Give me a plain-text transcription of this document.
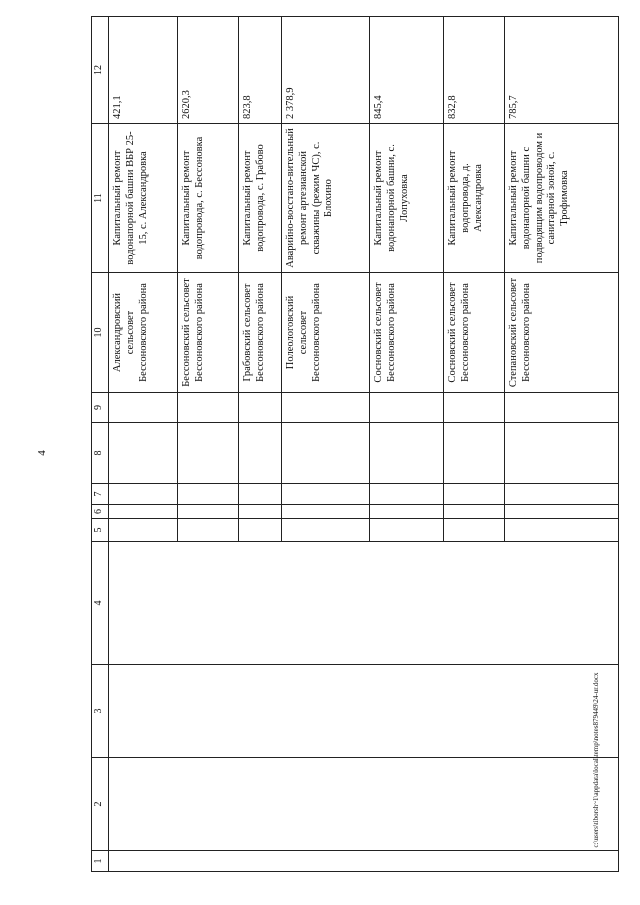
4
c:\users\tiborsh~1\appdata\local\temp\notes879449\24-ur.docx
1	2	3	4	5	6	7	8	9	10	11	12
									Александровский сельсовет Бессоновского района	Капитальный ремонт водонапорной башни ВБР 25-15, с. Александровка	421,1
									Бессоновский сельсовет Бессоновского района	Капитальный ремонт водопровода, с. Бессоновка	2620,3
									Грабовский сельсовет Бессоновского района	Капитальный ремонт водопровода, с. Грабово	823,8
									Полеологовский сельсовет Бессоновского района	Аварийно-восстано-вительный ремонт артезианской скважины (режим ЧС), с. Блохино	2 378,9
									Сосновский сельсовет Бессоновского района	Капитальный ремонт водонапорной башни, с. Лопуховка	845,4
									Сосновский сельсовет Бессоновского района	Капитальный ремонт водопровода, д. Александровка	832,8
									Степановский сельсовет Бессоновского района	Капитальный ремонт водонапорной башни с подводящим водопроводом и санитарной зоной, с. Трофимовка	785,7
